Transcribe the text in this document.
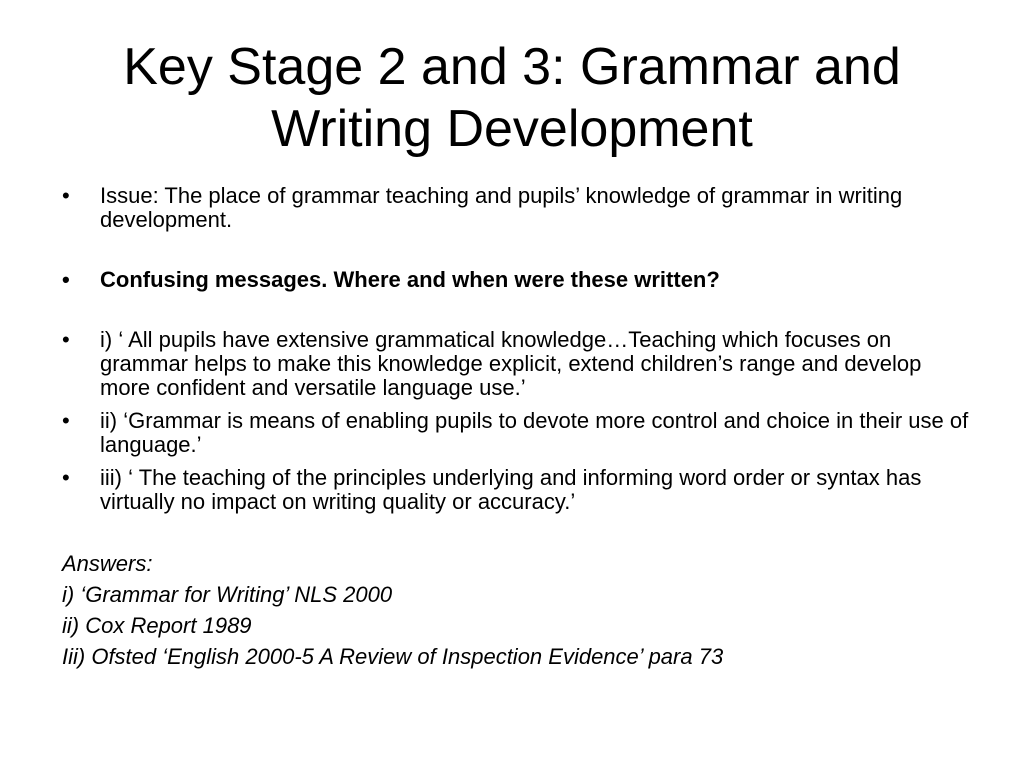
Key Stage 2 and 3: Grammar and Writing Development
• Issue: The place of grammar teaching and pupils’ knowledge of grammar in writing development.
• Confusing messages. Where and when were these written?
• i) ‘ All pupils have extensive grammatical knowledge…Teaching which focuses on grammar helps to make this knowledge explicit, extend children’s range and develop more confident and versatile language use.’
• ii) ‘Grammar is means of enabling pupils to devote more control and choice in their use of language.’
• iii) ‘ The teaching of the principles underlying and informing word order or syntax has virtually no impact on writing quality or accuracy.’
Answers:
i) ‘Grammar for Writing’ NLS 2000
ii) Cox Report 1989
Iii) Ofsted ‘English 2000-5 A Review of Inspection Evidence’ para 73
